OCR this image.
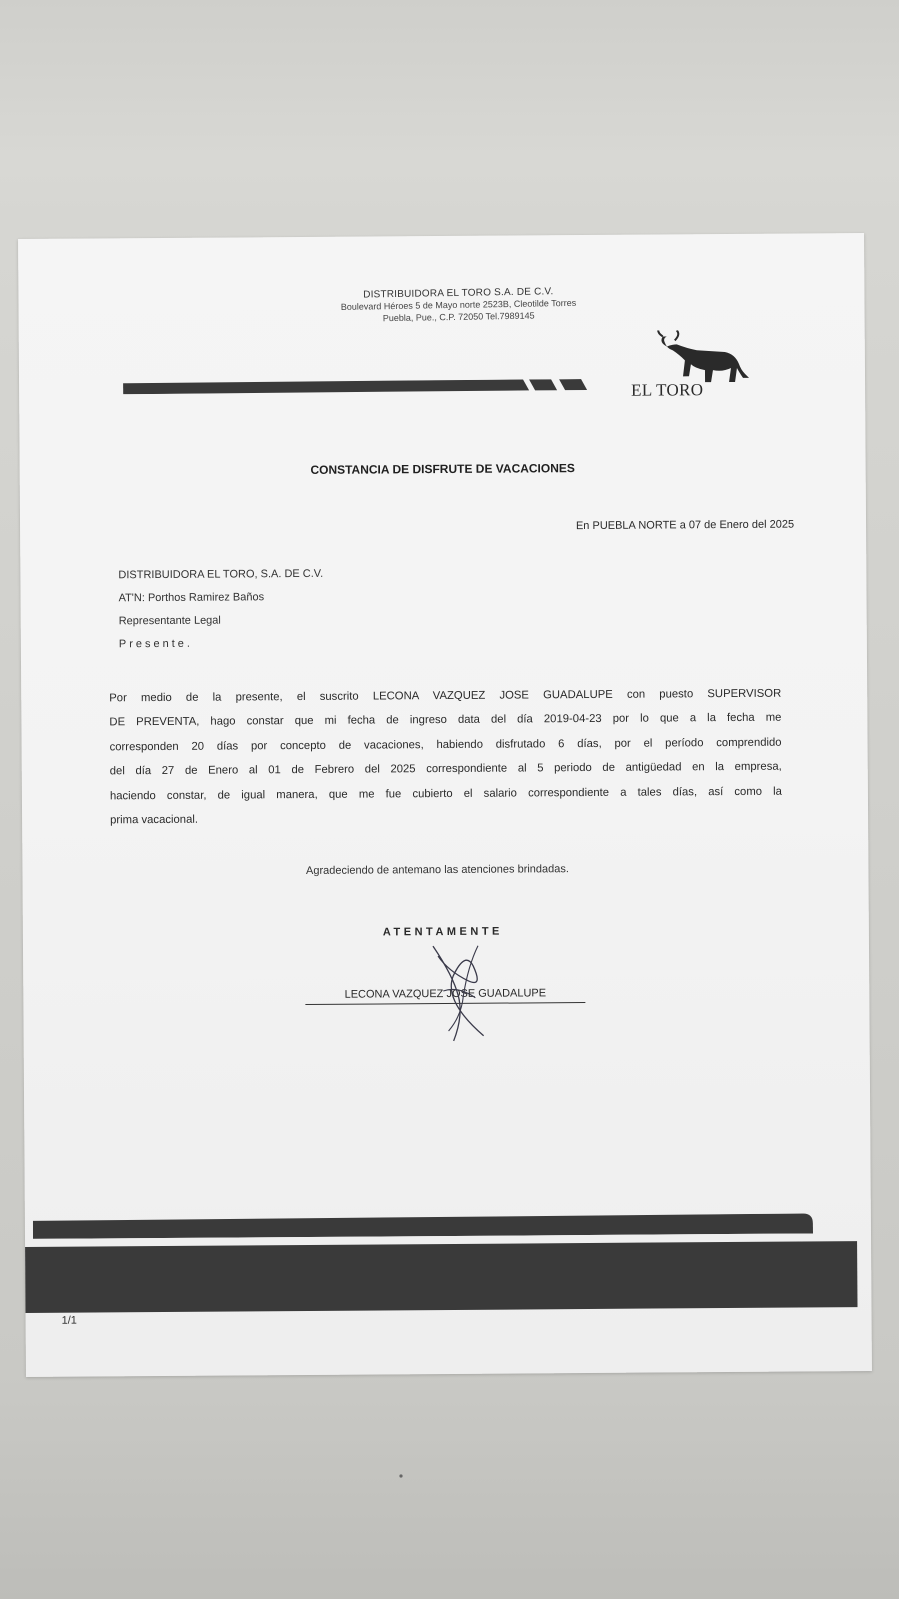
DISTRIBUIDORA EL TORO S.A. DE C.V.
Boulevard Héroes 5 de Mayo norte 2523B, Cleotilde Torres
Puebla, Pue., C.P. 72050 Tel.7989145
EL TORO
CONSTANCIA DE DISFRUTE DE VACACIONES
En PUEBLA NORTE a 07 de Enero del 2025
DISTRIBUIDORA EL TORO, S.A. DE C.V.
AT'N: Porthos Ramirez Baños
Representante Legal
Presente.
Por medio de la presente, el suscrito LECONA VAZQUEZ JOSE GUADALUPE con puesto SUPERVISOR
DE PREVENTA, hago constar que mi fecha de ingreso data del día 2019-04-23 por lo que a la fecha me
corresponden 20 días por concepto de vacaciones, habiendo disfrutado 6 días, por el período comprendido
del día 27 de Enero al 01 de Febrero del 2025 correspondiente al 5 periodo de antigüedad en la empresa,
haciendo constar, de igual manera, que me fue cubierto el salario correspondiente a tales días, así como la
prima vacacional.
Agradeciendo de antemano las atenciones brindadas.
ATENTAMENTE
LECONA VAZQUEZ JOSE GUADALUPE
1/1
